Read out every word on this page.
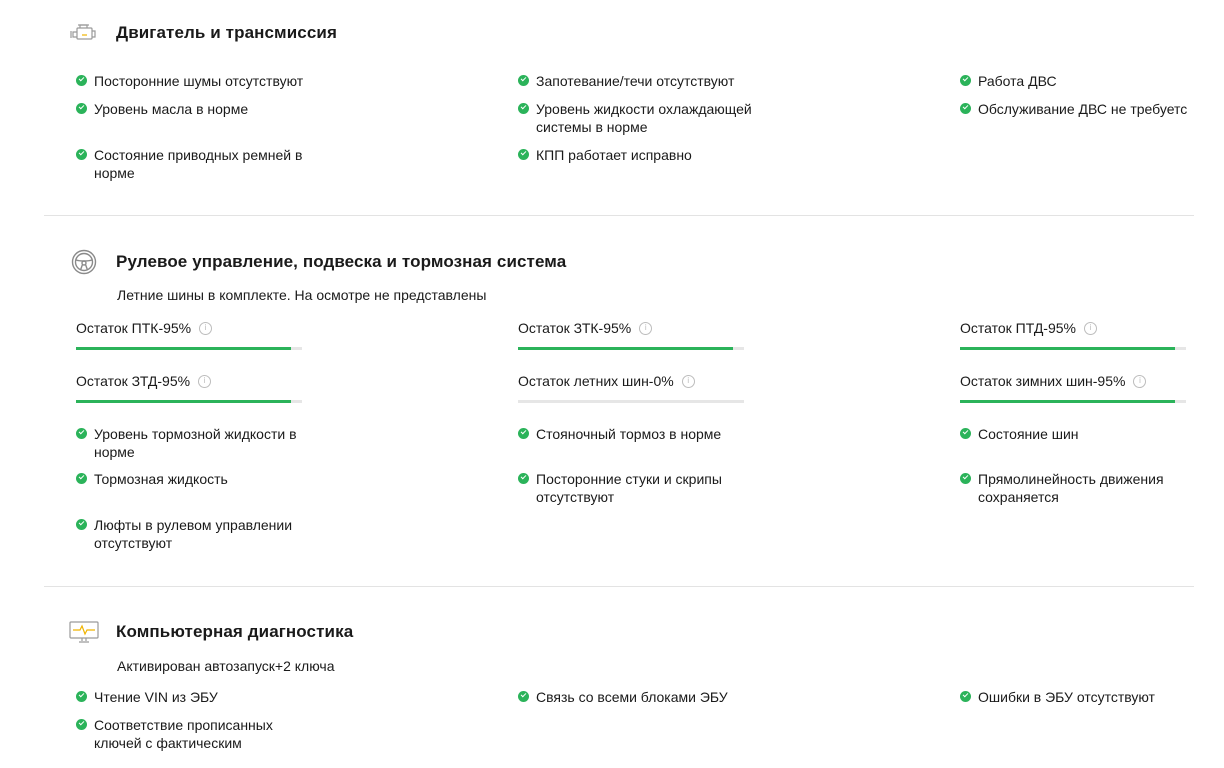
Двигатель и трансмиссия
Посторонние шумы отсутствуют
Уровень масла в норме
Состояние приводных ремней в норме
Запотевание/течи отсутствуют
Уровень жидкости охлаждающей системы в норме
КПП работает исправно
Работа ДВС
Обслуживание ДВС не требуетс
Рулевое управление, подвеска и тормозная система
Летние шины в комплекте. На осмотре не представлены
Остаток ПТК-95%	i	Остаток ЗТК-95%	i	Остаток ПТД-95%	i
Остаток ЗТД-95%	i	Остаток летних шин-0%	i	Остаток зимних шин-95%	i
Уровень тормозной жидкости в норме
Тормозная жидкость
Люфты в рулевом управлении отсутствуют
Стояночный тормоз в норме
Посторонние стуки и скрипы отсутствуют
Состояние шин
Прямолинейность движения сохраняется
Компьютерная диагностика
Активирован автозапуск+2 ключа
Чтение VIN из ЭБУ
Соответствие прописанных ключей с фактическим
Связь со всеми блоками ЭБУ	Ошибки в ЭБУ отсутствуют
